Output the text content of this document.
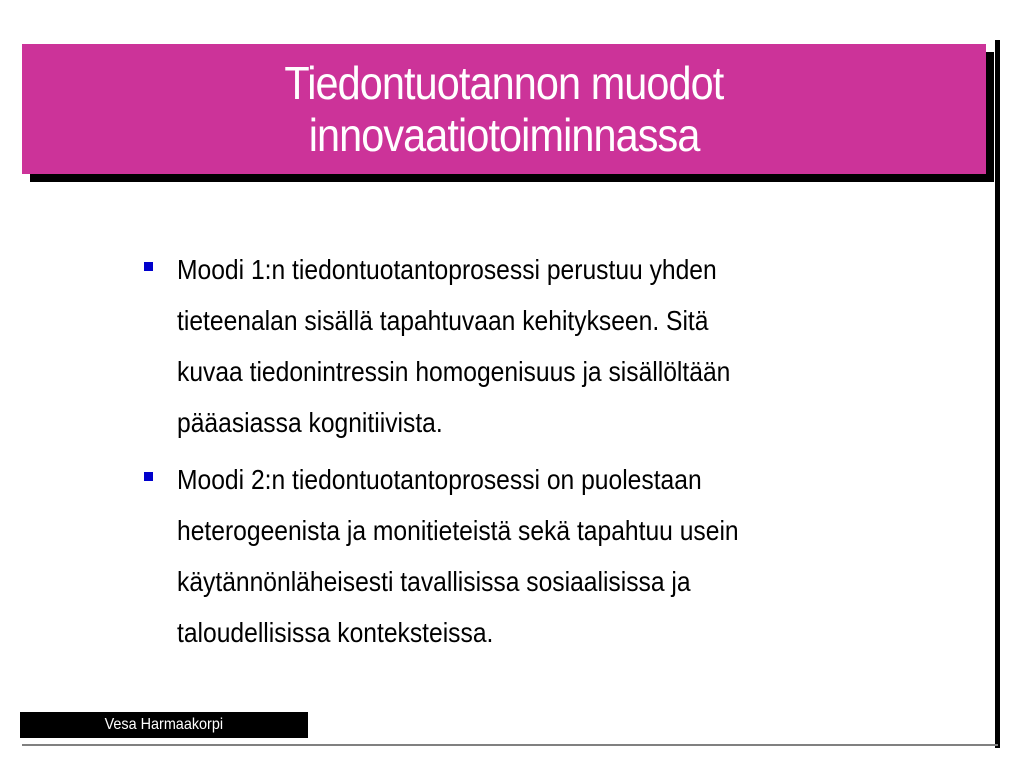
Tiedontuotannon muodot
innovaatiotoiminnassa
Moodi 1:n tiedontuotantoprosessi perustuu yhden
tieteenalan sisällä tapahtuvaan kehitykseen. Sitä
kuvaa tiedonintressin homogenisuus ja sisällöltään
pääasiassa kognitiivista.
Moodi 2:n tiedontuotantoprosessi on puolestaan
heterogeenista ja monitieteistä sekä tapahtuu usein
käytännönläheisesti tavallisissa sosiaalisissa ja
taloudellisissa konteksteissa.
Vesa Harmaakorpi
